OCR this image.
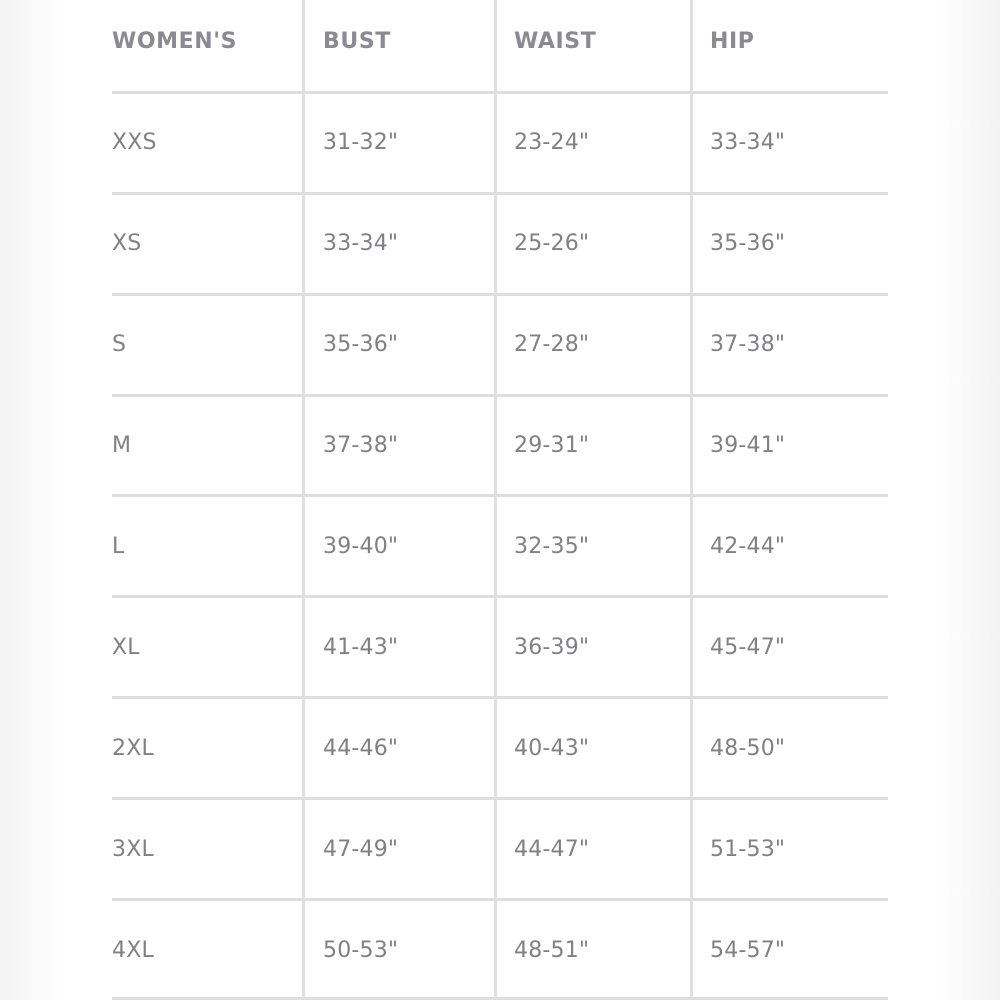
WOMEN'S	BUST	WAIST	HIP
XXS	31-32"	23-24"	33-34"
XS	33-34"	25-26"	35-36"
S	35-36"	27-28"	37-38"
M	37-38"	29-31"	39-41"
L	39-40"	32-35"	42-44"
XL	41-43"	36-39"	45-47"
2XL	44-46"	40-43"	48-50"
3XL	47-49"	44-47"	51-53"
4XL	50-53"	48-51"	54-57"
